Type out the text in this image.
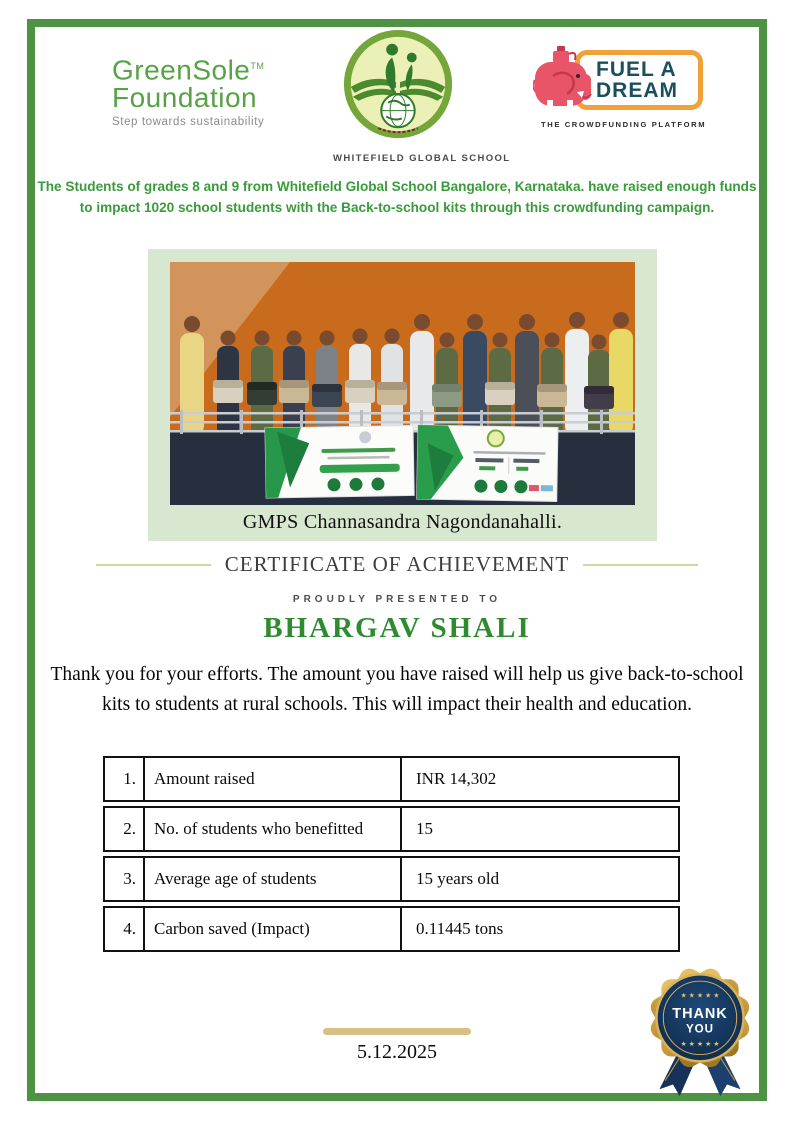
GreenSole™
Foundation
Step towards sustainability
WHITEFIELD GLOBAL SCHOOL
FUEL A
DREAM
THE CROWDFUNDING PLATFORM
The Students of grades 8 and 9 from Whitefield Global School Bangalore, Karnataka. have raised enough funds to impact 1020 school students with the Back-to-school kits through this crowdfunding campaign.
GMPS Channasandra Nagondanahalli.
CERTIFICATE OF ACHIEVEMENT
PROUDLY PRESENTED TO
BHARGAV SHALI
Thank you for your efforts. The amount you have raised will help us give back-to-school kits to students at rural schools. This will impact their health and education.
1.	Amount raised	INR 14,302
2.	No. of students who benefitted	15
3.	Average age of students	15 years old
4.	Carbon saved (Impact)	0.11445 tons
★ ★ ★ ★ ★
THANK
YOU
★ ★ ★ ★ ★
5.12.2025
